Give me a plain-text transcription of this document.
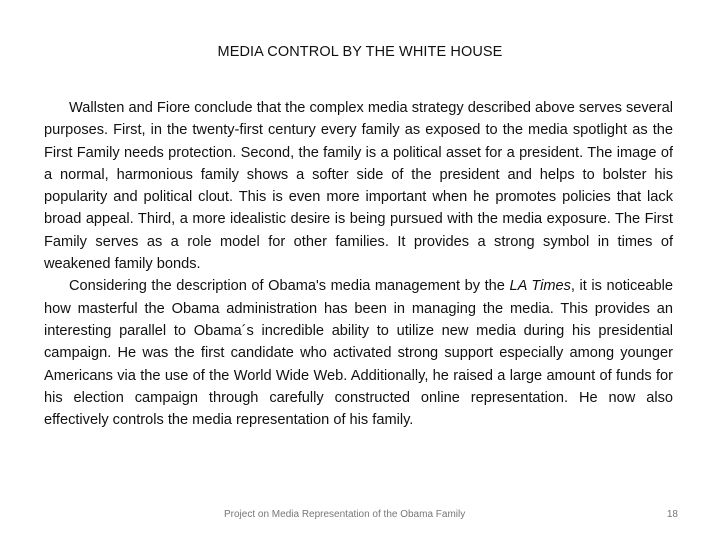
MEDIA CONTROL BY THE WHITE HOUSE

Wallsten and Fiore conclude that the complex media strategy described above serves several purposes. First, in the twenty-first century every family as exposed to the media spotlight as the First Family needs protection. Second, the family is a political asset for a president. The image of a normal, harmonious family shows a softer side of the president and helps to bolster his popularity and political clout. This is even more important when he promotes policies that lack broad appeal. Third, a more idealistic desire is being pursued with the media exposure. The First Family serves as a role model for other families. It provides a strong symbol in times of weakened family bonds.

Considering the description of Obama's media management by the LA Times, it is noticeable how masterful the Obama administration has been in managing the media. This provides an interesting parallel to Obama´s incredible ability to utilize new media during his presidential campaign. He was the first candidate who activated strong support especially among younger Americans via the use of the World Wide Web. Additionally, he raised a large amount of funds for his election campaign through carefully constructed online representation. He now also effectively controls the media representation of his family.

Project on Media Representation of the Obama Family	18
